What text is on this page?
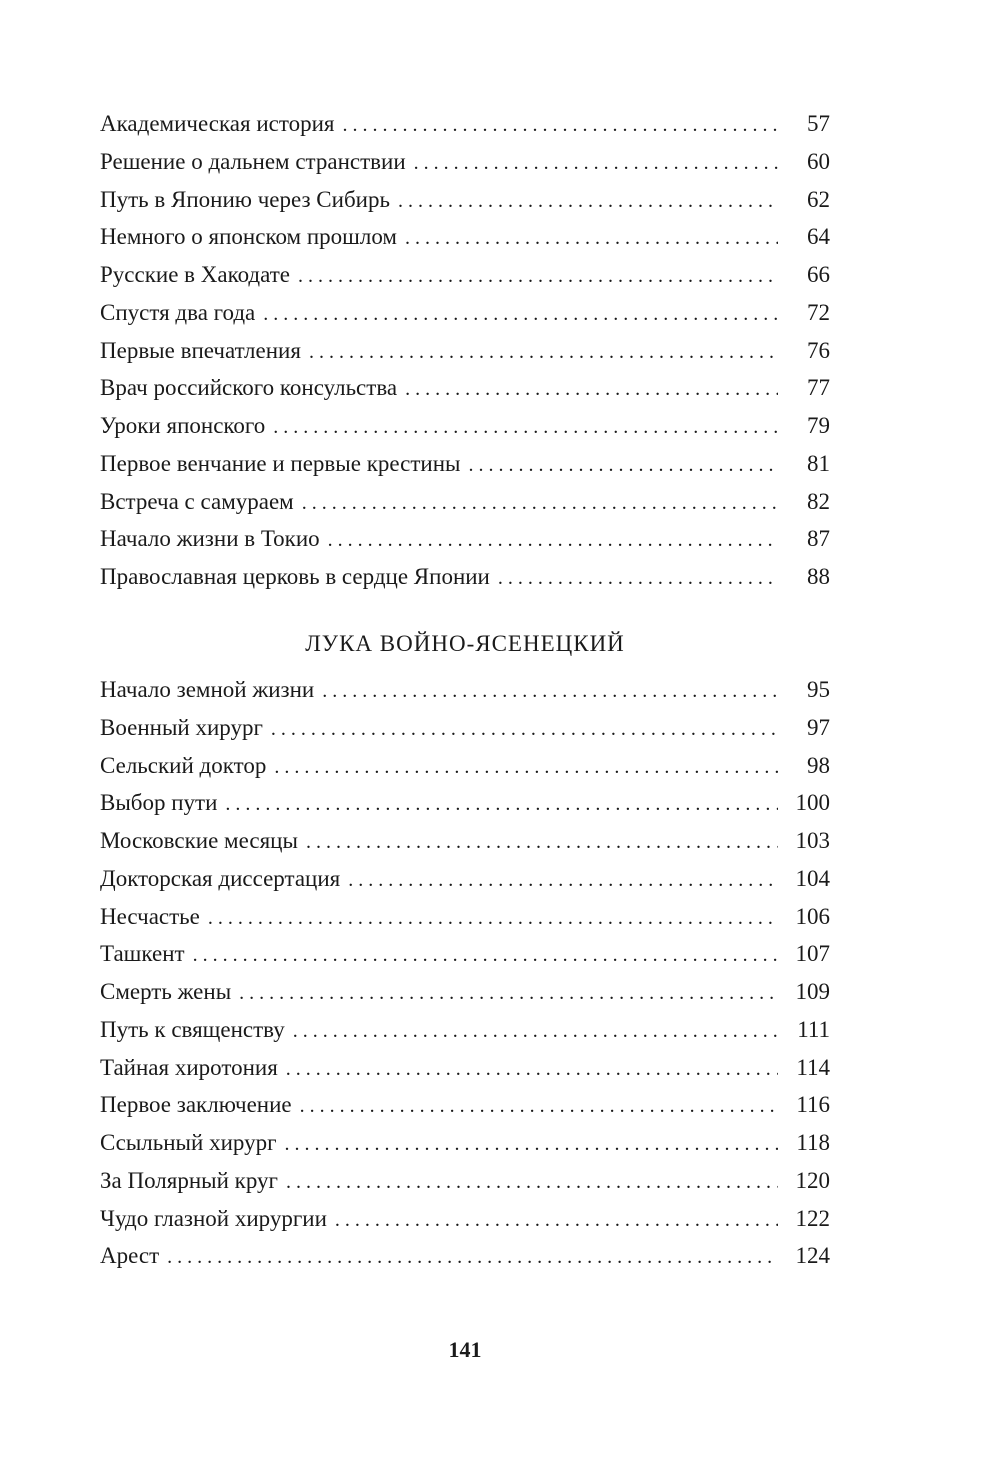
Академическая история . . .	57
Решение о дальнем странствии . . .	60
Путь в Японию через Сибирь . . .	62
Немного о японском прошлом . . .	64
Русские в Хакодате . . .	66
Спустя два года . . .	72
Первые впечатления . . .	76
Врач российского консульства . . .	77
Уроки японского . . .	79
Первое венчание и первые крестины . . .	81
Встреча с самураем . . .	82
Начало жизни в Токио . . .	87
Православная церковь в сердце Японии . . .	88
ЛУКА ВОЙНО-ЯСЕНЕЦКИЙ
Начало земной жизни . . .	95
Военный хирург . . .	97
Сельский доктор . . .	98
Выбор пути . . .	100
Московские месяцы . . .	103
Докторская диссертация . . .	104
Несчастье . . .	106
Ташкент . . .	107
Смерть жены . . .	109
Путь к священству . . .	111
Тайная хиротония . . .	114
Первое заключение . . .	116
Ссыльный хирург . . .	118
За Полярный круг . . .	120
Чудо глазной хирургии . . .	122
Арест . . .	124
141
